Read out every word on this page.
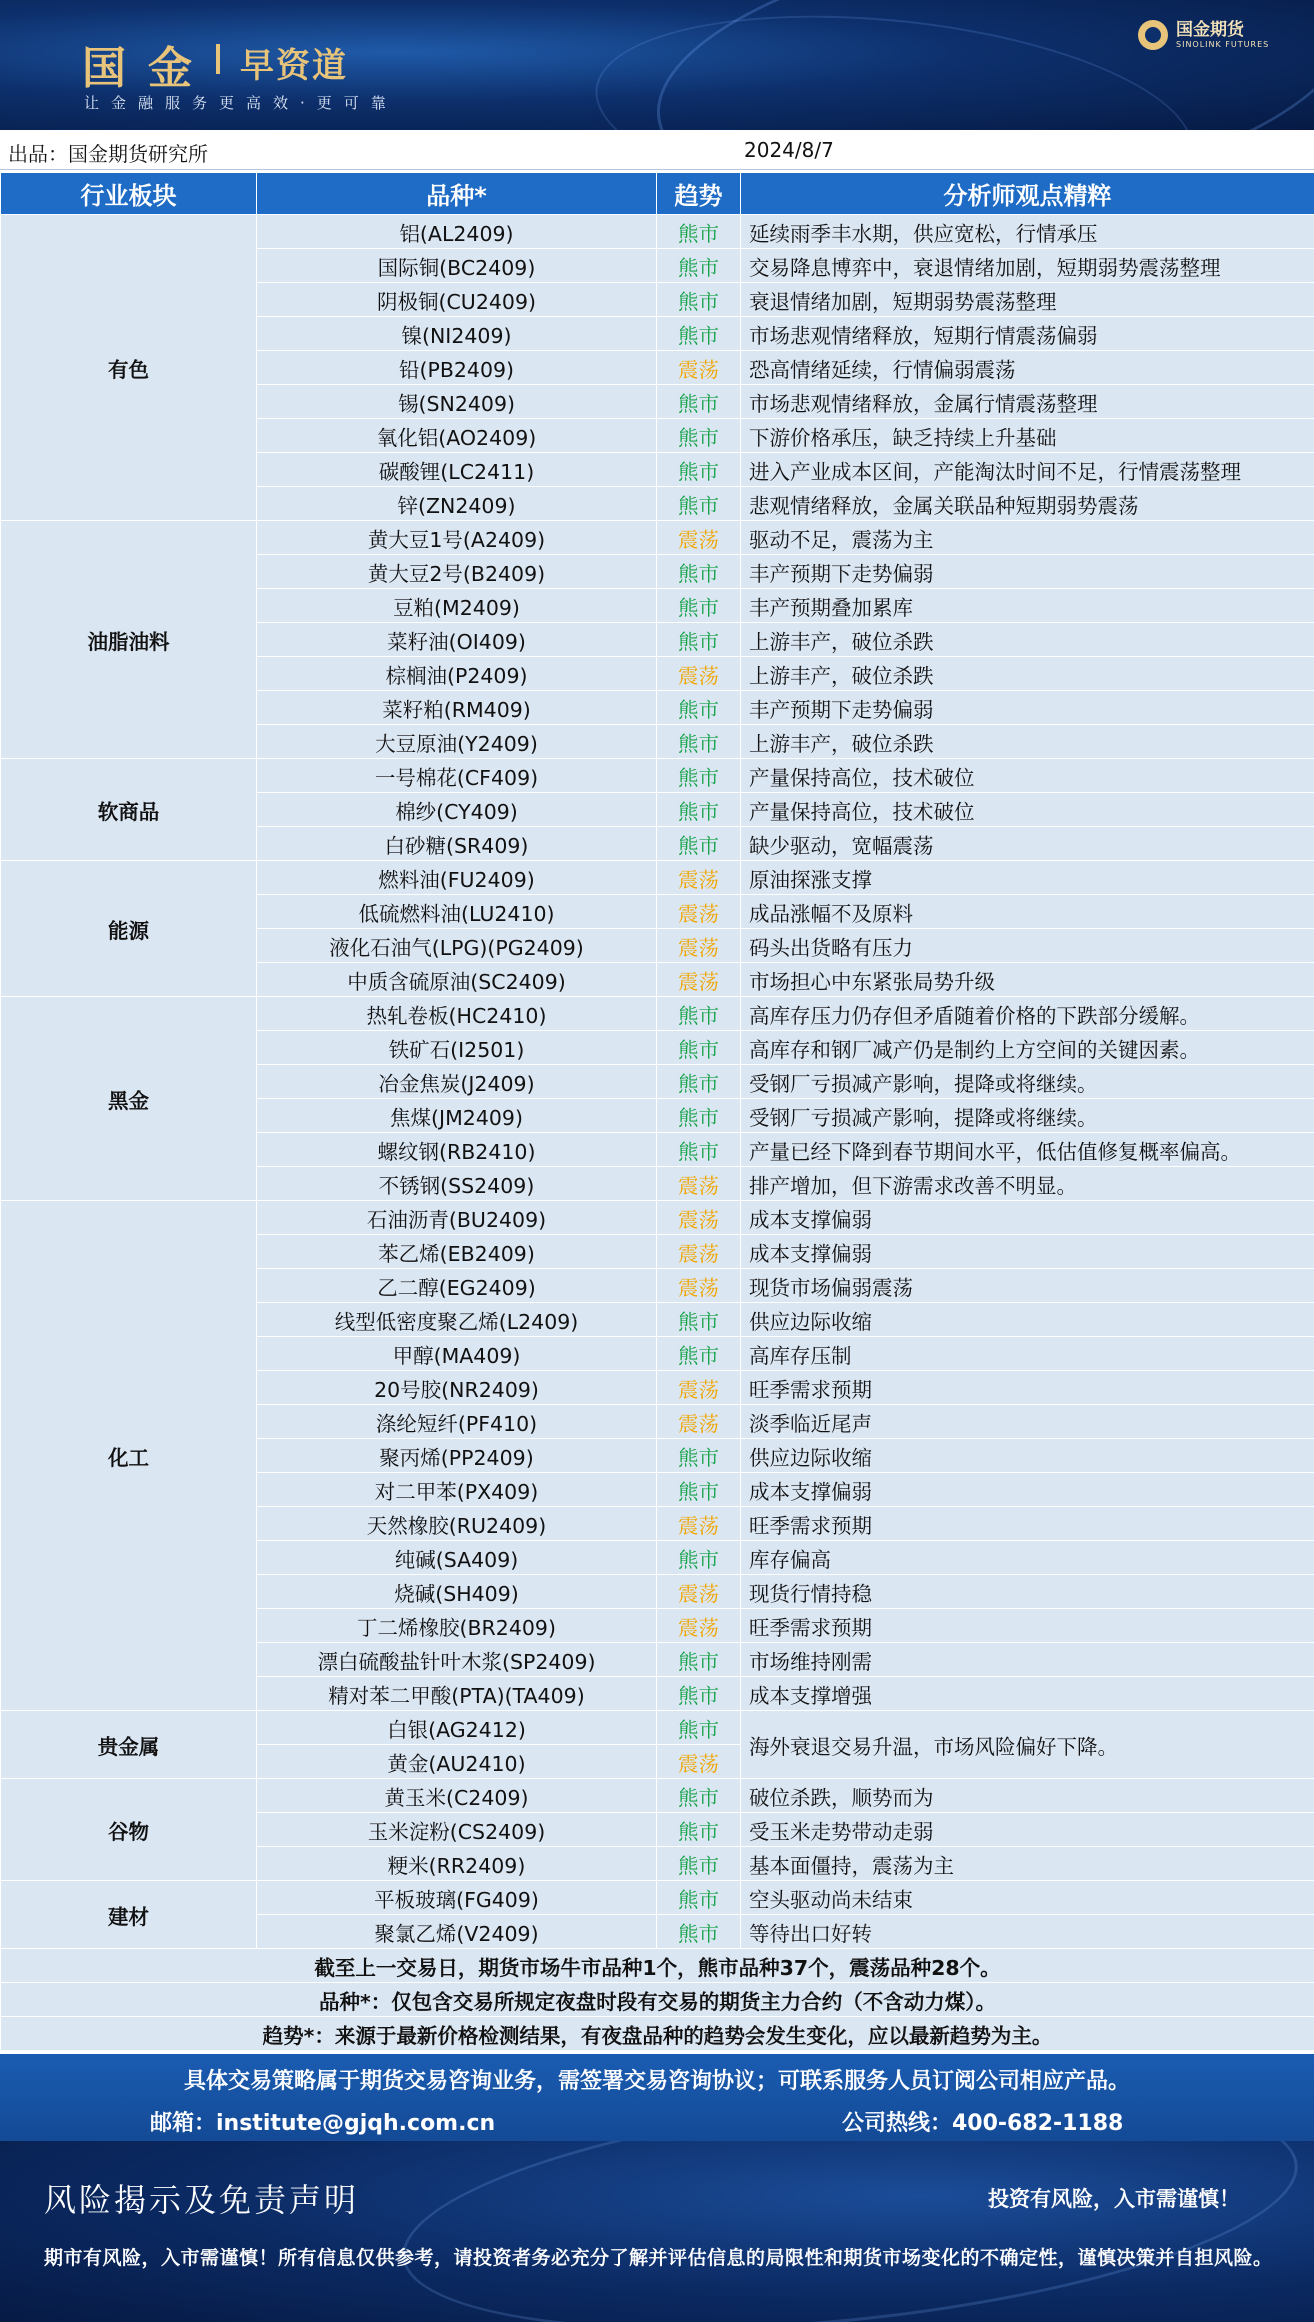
国金 早资道
让金融服务更高效·更可靠
国金期货
SINOLINK FUTURES
出品：国金期货研究所	2024/8/7
行业板块	品种*	趋势	分析师观点精粹
有色	铝(AL2409)	熊市	延续雨季丰水期，供应宽松，行情承压
	国际铜(BC2409)	熊市	交易降息博弈中，衰退情绪加剧，短期弱势震荡整理
	阴极铜(CU2409)	熊市	衰退情绪加剧，短期弱势震荡整理
	镍(NI2409)	熊市	市场悲观情绪释放，短期行情震荡偏弱
	铅(PB2409)	震荡	恐高情绪延续，行情偏弱震荡
	锡(SN2409)	熊市	市场悲观情绪释放，金属行情震荡整理
	氧化铝(AO2409)	熊市	下游价格承压，缺乏持续上升基础
	碳酸锂(LC2411)	熊市	进入产业成本区间，产能淘汰时间不足，行情震荡整理
	锌(ZN2409)	熊市	悲观情绪释放，金属关联品种短期弱势震荡
油脂油料	黄大豆1号(A2409)	震荡	驱动不足，震荡为主
	黄大豆2号(B2409)	熊市	丰产预期下走势偏弱
	豆粕(M2409)	熊市	丰产预期叠加累库
	菜籽油(OI409)	熊市	上游丰产，破位杀跌
	棕榈油(P2409)	震荡	上游丰产，破位杀跌
	菜籽粕(RM409)	熊市	丰产预期下走势偏弱
	大豆原油(Y2409)	熊市	上游丰产，破位杀跌
软商品	一号棉花(CF409)	熊市	产量保持高位，技术破位
	棉纱(CY409)	熊市	产量保持高位，技术破位
	白砂糖(SR409)	熊市	缺少驱动，宽幅震荡
能源	燃料油(FU2409)	震荡	原油探涨支撑
	低硫燃料油(LU2410)	震荡	成品涨幅不及原料
	液化石油气(LPG)(PG2409)	震荡	码头出货略有压力
	中质含硫原油(SC2409)	震荡	市场担心中东紧张局势升级
黑金	热轧卷板(HC2410)	熊市	高库存压力仍存但矛盾随着价格的下跌部分缓解。
	铁矿石(I2501)	熊市	高库存和钢厂减产仍是制约上方空间的关键因素。
	冶金焦炭(J2409)	熊市	受钢厂亏损减产影响，提降或将继续。
	焦煤(JM2409)	熊市	受钢厂亏损减产影响，提降或将继续。
	螺纹钢(RB2410)	熊市	产量已经下降到春节期间水平，低估值修复概率偏高。
	不锈钢(SS2409)	震荡	排产增加，但下游需求改善不明显。
化工	石油沥青(BU2409)	震荡	成本支撑偏弱
	苯乙烯(EB2409)	震荡	成本支撑偏弱
	乙二醇(EG2409)	震荡	现货市场偏弱震荡
	线型低密度聚乙烯(L2409)	熊市	供应边际收缩
	甲醇(MA409)	熊市	高库存压制
	20号胶(NR2409)	震荡	旺季需求预期
	涤纶短纤(PF410)	震荡	淡季临近尾声
	聚丙烯(PP2409)	熊市	供应边际收缩
	对二甲苯(PX409)	熊市	成本支撑偏弱
	天然橡胶(RU2409)	震荡	旺季需求预期
	纯碱(SA409)	熊市	库存偏高
	烧碱(SH409)	震荡	现货行情持稳
	丁二烯橡胶(BR2409)	震荡	旺季需求预期
	漂白硫酸盐针叶木浆(SP2409)	熊市	市场维持刚需
	精对苯二甲酸(PTA)(TA409)	熊市	成本支撑增强
贵金属	白银(AG2412)	熊市	海外衰退交易升温，市场风险偏好下降。
	黄金(AU2410)	震荡	
谷物	黄玉米(C2409)	熊市	破位杀跌，顺势而为
	玉米淀粉(CS2409)	熊市	受玉米走势带动走弱
	粳米(RR2409)	熊市	基本面僵持，震荡为主
建材	平板玻璃(FG409)	熊市	空头驱动尚未结束
	聚氯乙烯(V2409)	熊市	等待出口好转
截至上一交易日，期货市场牛市品种1个，熊市品种37个，震荡品种28个。			
品种*：仅包含交易所规定夜盘时段有交易的期货主力合约（不含动力煤）。			
趋势*：来源于最新价格检测结果，有夜盘品种的趋势会发生变化，应以最新趋势为主。			
具体交易策略属于期货交易咨询业务，需签署交易咨询协议；可联系服务人员订阅公司相应产品。
邮箱：institute@gjqh.com.cn	公司热线：400-682-1188
风险揭示及免责声明	投资有风险，入市需谨慎！
期市有风险，入市需谨慎！所有信息仅供参考，请投资者务必充分了解并评估信息的局限性和期货市场变化的不确定性，谨慎决策并自担风险。
